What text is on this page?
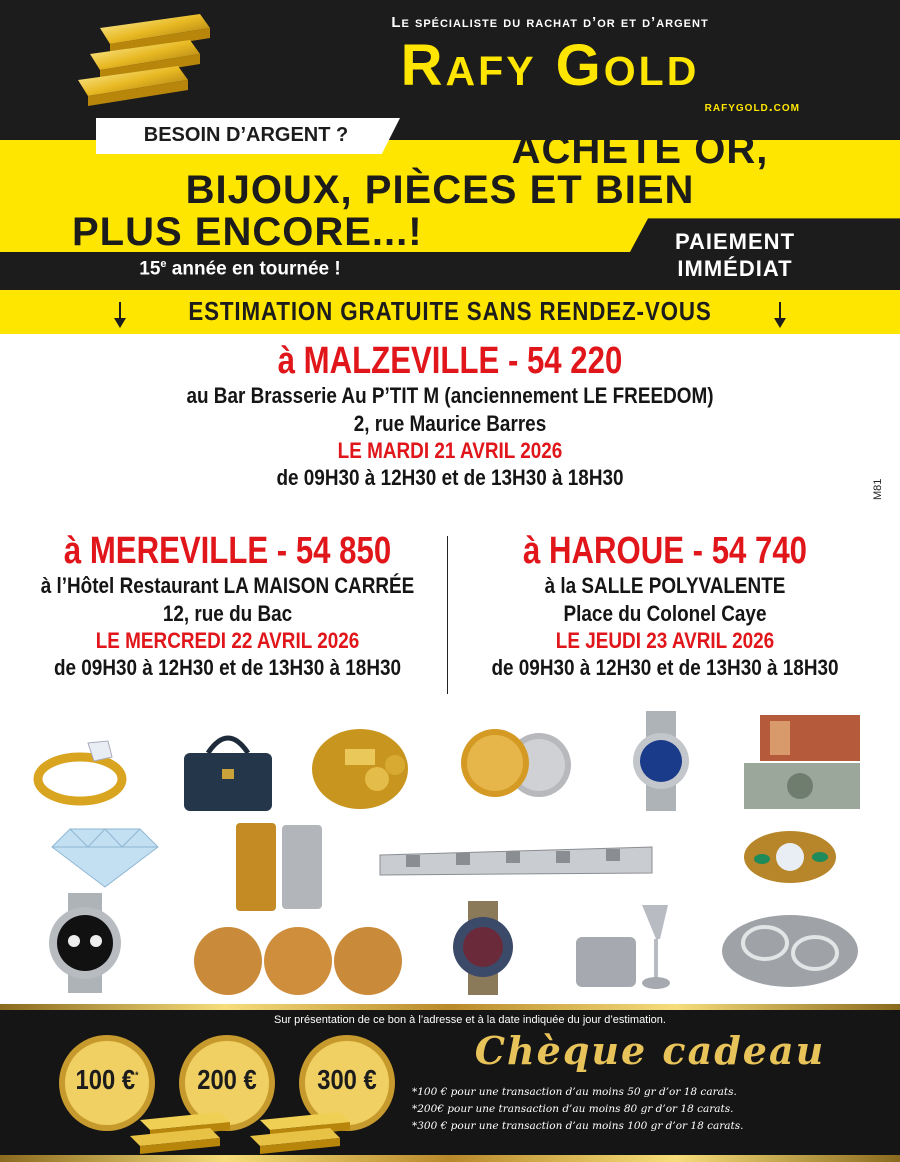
Le spécialiste du rachat d’or et d’argent
Rafy Gold
rafygold.com
BESOIN D’ARGENT ?	ACHÈTE OR,
BIJOUX, PIÈCES ET BIEN
PLUS ENCORE...!
15e année en tournée !
PAIEMENT
IMMÉDIAT
ESTIMATION GRATUITE SANS RENDEZ-VOUS
à MALZEVILLE - 54 220
au Bar Brasserie Au P’TIT M (anciennement LE FREEDOM)
2, rue Maurice Barres
LE MARDI 21 AVRIL 2026
de 09H30 à 12H30 et de 13H30 à 18H30	M81
à MEREVILLE - 54 850
à l’Hôtel Restaurant LA MAISON CARRÉE
12, rue du Bac
LE MERCREDI 22 AVRIL 2026
de 09H30 à 12H30 et de 13H30 à 18H30
à HAROUE - 54 740
à la SALLE POLYVALENTE
Place du Colonel Caye
LE JEUDI 23 AVRIL 2026
de 09H30 à 12H30 et de 13H30 à 18H30
Sur présentation de ce bon à l’adresse et à la date indiquée du jour d’estimation.
100 €*	200 €	300 €
Chèque cadeau
*100 € pour une transaction d’au moins 50 gr d’or 18 carats.
*200€ pour une transaction d’au moins 80 gr d’or 18 carats.
*300 € pour une transaction d’au moins 100 gr d’or 18 carats.
